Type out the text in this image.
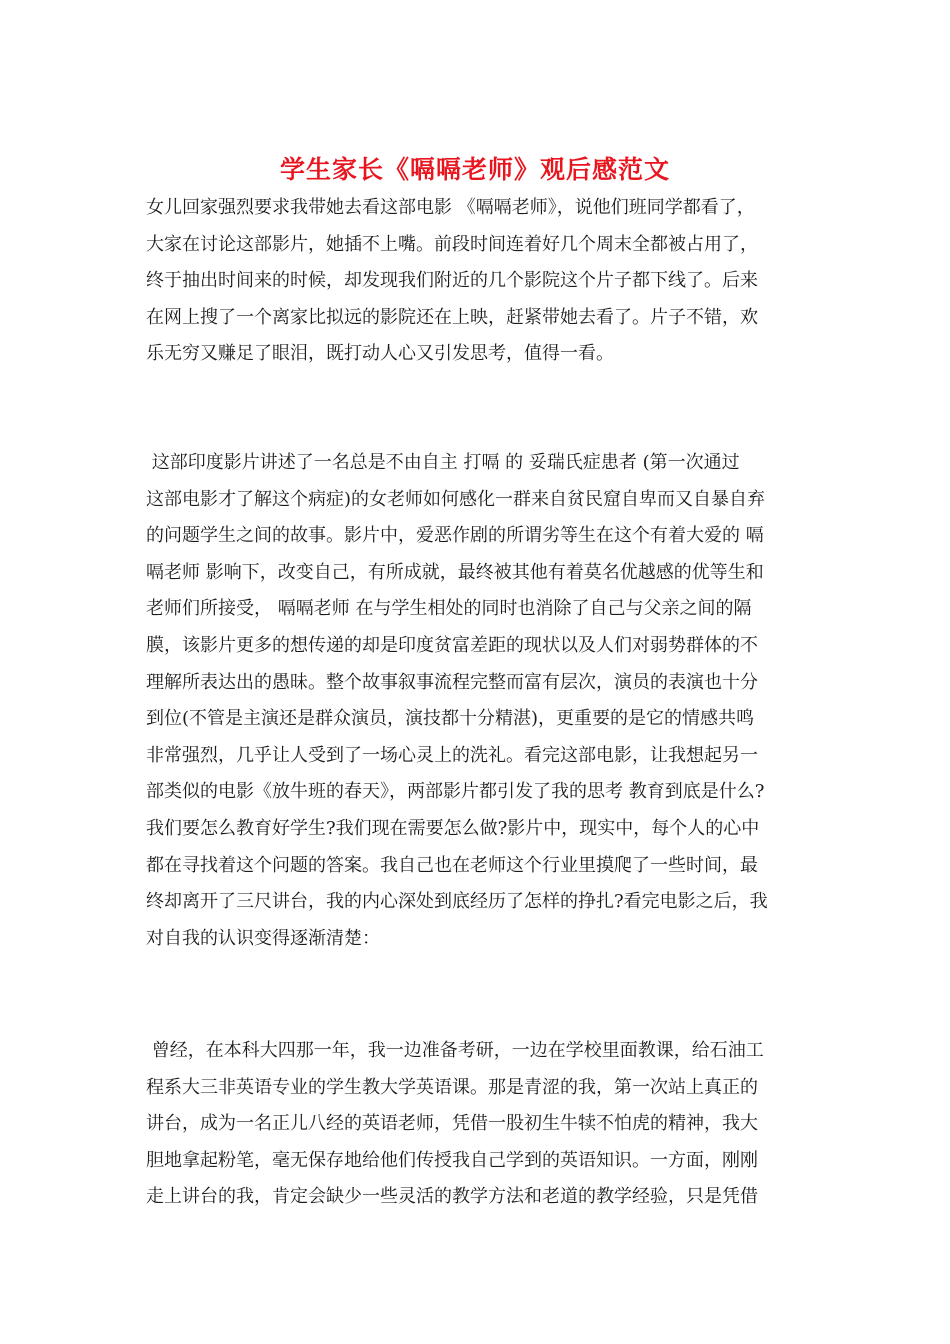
学生家长《嗝嗝老师》观后感范文
女儿回家强烈要求我带她去看这部电影 《嗝嗝老师》，说他们班同学都看了，
大家在讨论这部影片，她插不上嘴。前段时间连着好几个周末全都被占用了，
终于抽出时间来的时候，却发现我们附近的几个影院这个片子都下线了。后来
在网上搜了一个离家比拟远的影院还在上映，赶紧带她去看了。片子不错，欢
乐无穷又赚足了眼泪，既打动人心又引发思考，值得一看。
这部印度影片讲述了一名总是不由自主 打嗝 的 妥瑞氏症患者 (第一次通过
这部电影才了解这个病症)的女老师如何感化一群来自贫民窟自卑而又自暴自弃
的问题学生之间的故事。影片中，爱恶作剧的所谓劣等生在这个有着大爱的 嗝
嗝老师 影响下，改变自己，有所成就，最终被其他有着莫名优越感的优等生和
老师们所接受， 嗝嗝老师 在与学生相处的同时也消除了自己与父亲之间的隔
膜，该影片更多的想传递的却是印度贫富差距的现状以及人们对弱势群体的不
理解所表达出的愚昧。整个故事叙事流程完整而富有层次，演员的表演也十分
到位(不管是主演还是群众演员，演技都十分精湛)，更重要的是它的情感共鸣
非常强烈，几乎让人受到了一场心灵上的洗礼。看完这部电影，让我想起另一
部类似的电影《放牛班的春天》，两部影片都引发了我的思考 教育到底是什么?
我们要怎么教育好学生?我们现在需要怎么做?影片中，现实中，每个人的心中
都在寻找着这个问题的答案。我自己也在老师这个行业里摸爬了一些时间，最
终却离开了三尺讲台，我的内心深处到底经历了怎样的挣扎?看完电影之后，我
对自我的认识变得逐渐清楚：
曾经，在本科大四那一年，我一边准备考研，一边在学校里面教课，给石油工
程系大三非英语专业的学生教大学英语课。那是青涩的我，第一次站上真正的
讲台，成为一名正儿八经的英语老师，凭借一股初生牛犊不怕虎的精神，我大
胆地拿起粉笔，毫无保存地给他们传授我自己学到的英语知识。一方面，刚刚
走上讲台的我，肯定会缺少一些灵活的教学方法和老道的教学经验，只是凭借
